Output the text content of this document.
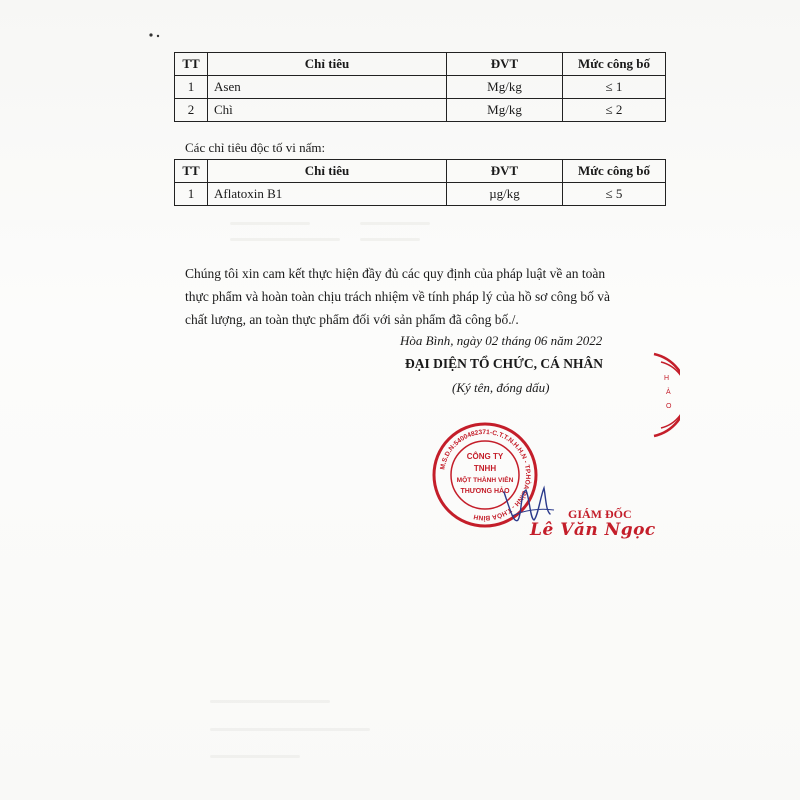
TT	Chỉ tiêu	ĐVT	Mức công bố
1	Asen	Mg/kg	≤ 1
2	Chì	Mg/kg	≤ 2
Các chỉ tiêu độc tố vi nấm:
TT	Chỉ tiêu	ĐVT	Mức công bố
1	Aflatoxin B1	µg/kg	≤ 5
Chúng tôi xin cam kết thực hiện đầy đủ các quy định của pháp luật về an toàn
thực phẩm và hoàn toàn chịu trách nhiệm về tính pháp lý của hồ sơ công bố và
chất lượng, an toàn thực phẩm đối với sản phẩm đã công bố./.
Hòa Bình, ngày 02 tháng 06 năm 2022
ĐẠI DIỆN TỔ CHỨC, CÁ NHÂN
(Ký tên, đóng dấu)
H
Ả
O
M.S.D.N:5400482371-C.T.T.N.H.H.N - TP.HÒA BÌNH - T.HÒA BÌNH
CÔNG TY
TNHH
MỘT THÀNH VIÊN
THƯƠNG HẢO
GIÁM ĐỐC
Lê Văn Ngọc
